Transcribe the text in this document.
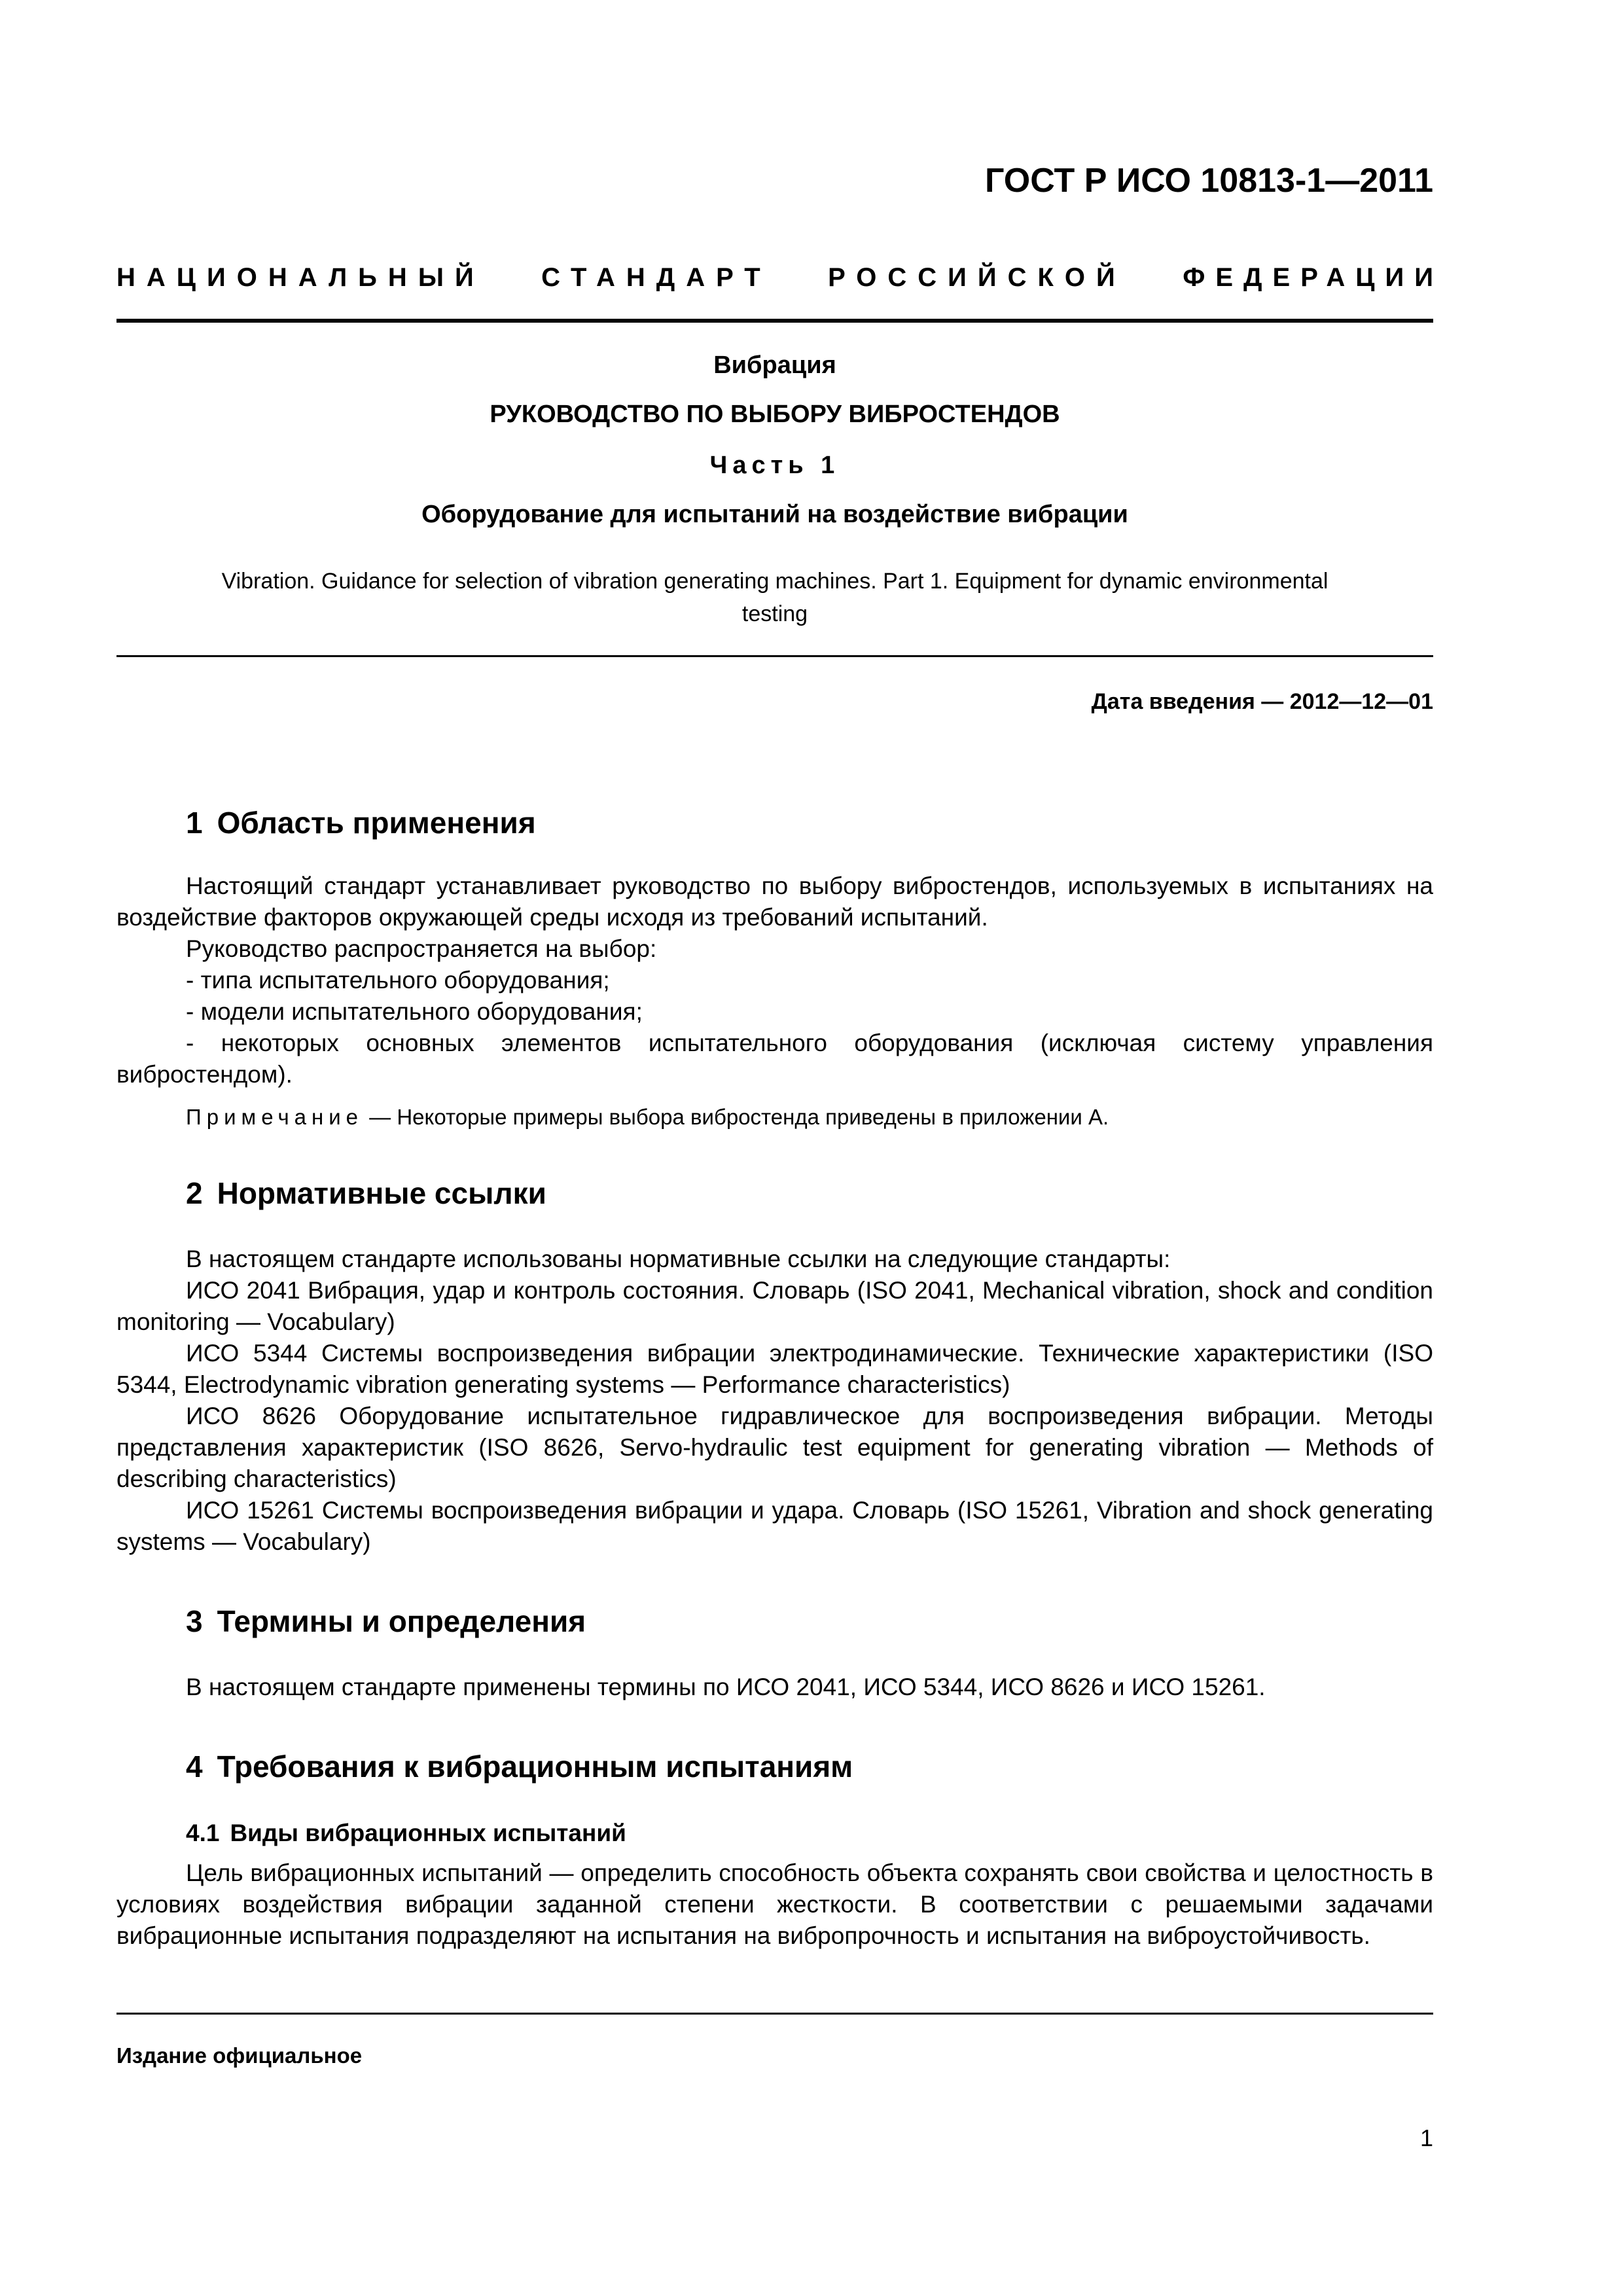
ГОСТ Р ИСО 10813-1—2011
НАЦИОНАЛЬНЫЙ СТАНДАРТ РОССИЙСКОЙ ФЕДЕРАЦИИ
Вибрация
РУКОВОДСТВО ПО ВЫБОРУ ВИБРОСТЕНДОВ
Часть 1
Оборудование для испытаний на воздействие вибрации
Vibration. Guidance for selection of vibration generating machines. Part 1. Equipment for dynamic environmental
testing
Дата введения — 2012—12—01
1 Область применения

Настоящий стандарт устанавливает руководство по выбору вибростендов, используемых в испытаниях на воздействие факторов окружающей среды исходя из требований испытаний.

Руководство распространяется на выбор:
- типа испытательного оборудования;
- модели испытательного оборудования;

- некоторых основных элементов испытательного оборудования (исключая систему управления вибростендом).

Примечание — Некоторые примеры выбора вибростенда приведены в приложении А.
2 Нормативные ссылки
В настоящем стандарте использованы нормативные ссылки на следующие стандарты:

ИСО 2041 Вибрация, удар и контроль состояния. Словарь (ISO 2041, Mechanical vibration, shock and condition monitoring — Vocabulary)

ИСО 5344 Системы воспроизведения вибрации электродинамические. Технические характеристики (ISO 5344, Electrodynamic vibration generating systems — Performance characteristics)

ИСО 8626 Оборудование испытательное гидравлическое для воспроизведения вибрации. Методы представления характеристик (ISO 8626, Servo-hydraulic test equipment for generating vibration — Methods of describing characteristics)

ИСО 15261 Системы воспроизведения вибрации и удара. Словарь (ISO 15261, Vibration and shock generating systems — Vocabulary)

3 Термины и определения
В настоящем стандарте применены термины по ИСО 2041, ИСО 5344, ИСО 8626 и ИСО 15261.
4 Требования к вибрационным испытаниям
4.1 Виды вибрационных испытаний

Цель вибрационных испытаний — определить способность объекта сохранять свои свойства и целостность в условиях воздействия вибрации заданной степени жесткости. В соответствии с решаемыми задачами вибрационные испытания подразделяют на испытания на вибропрочность и испытания на виброустойчивость.

Издание официальное
1
